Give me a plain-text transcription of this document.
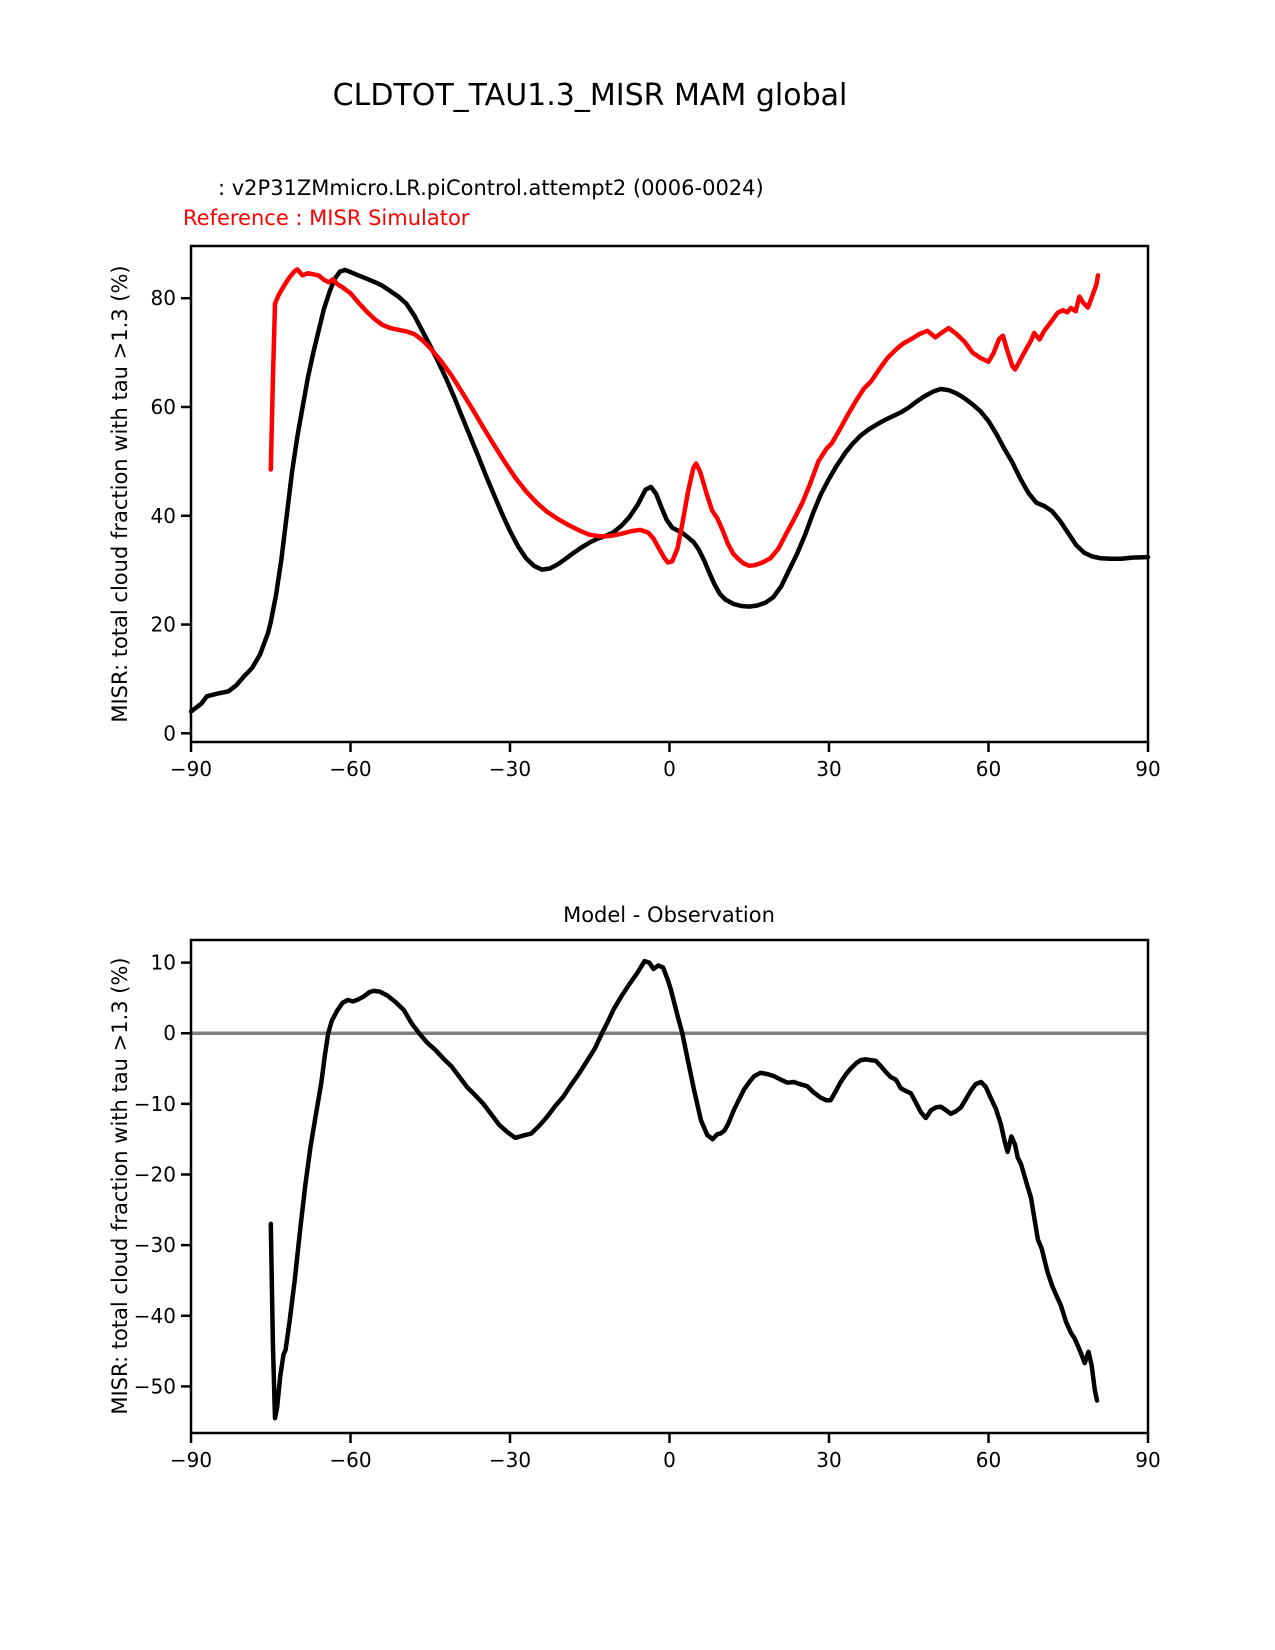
CLDTOT_TAU1.3_MISR MAM global
: v2P31ZMmicro.LR.piControl.attempt2 (0006-0024)
Reference : MISR Simulator
MISR: total cloud fraction with tau >1.3 (%)
Model - Observation
MISR: total cloud fraction with tau >1.3 (%)
−90	−60	−30	0	30	60	90
0
20
40
60
80
−90	−60	−30	0	30	60	90
10
0
−10
−20
−30
−40
−50
